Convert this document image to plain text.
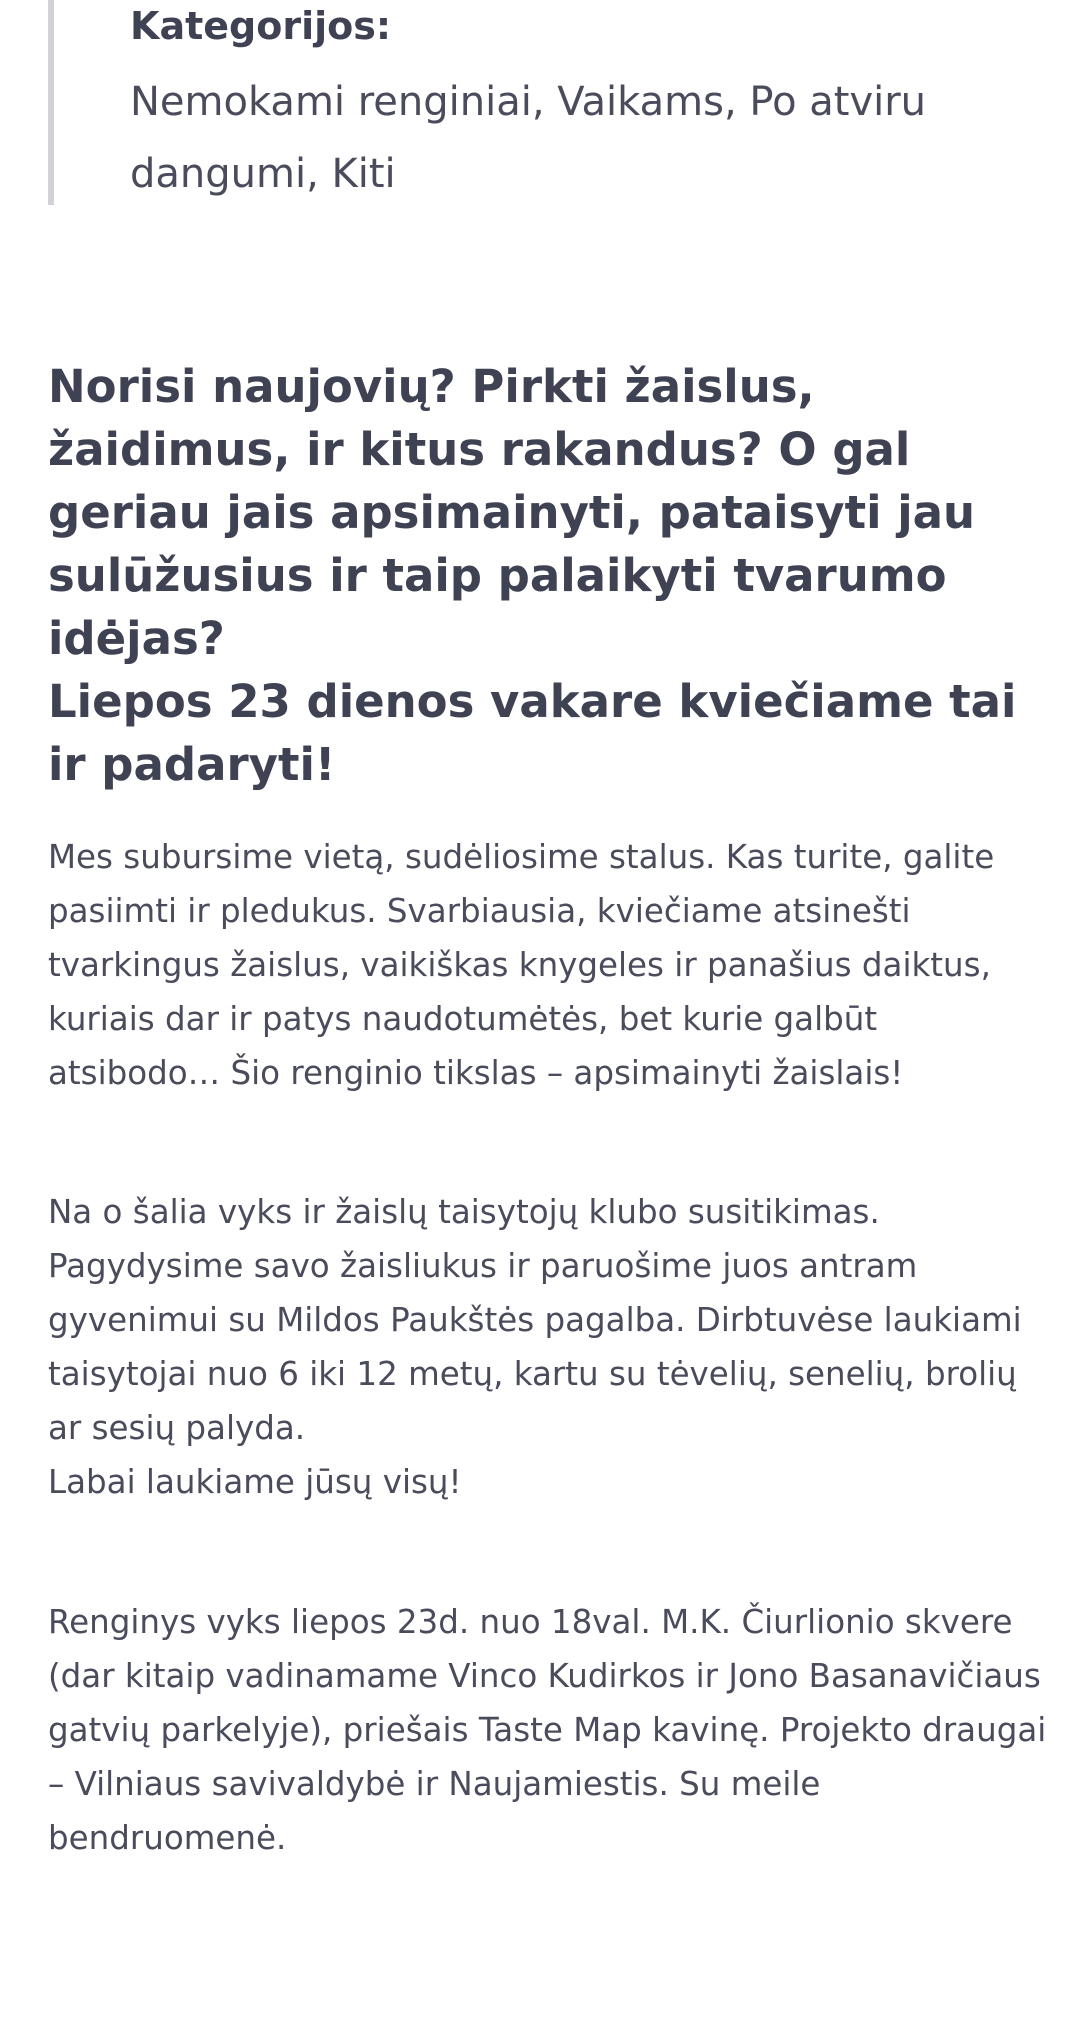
Kategorijos:
Nemokami renginiai, Vaikams, Po atviru dangumi, Kiti
Norisi naujovių? Pirkti žaislus, žaidimus, ir kitus rakandus? O gal geriau jais apsimainyti, pataisyti jau sulūžusius ir taip palaikyti tvarumo idėjas?
Liepos 23 dienos vakare kviečiame tai ir padaryti!

Mes subursime vietą, sudėliosime stalus. Kas turite, galite pasiimti ir pledukus. Svarbiausia, kviečiame atsinešti tvarkingus žaislus, vaikiškas knygeles ir panašius daiktus, kuriais dar ir patys naudotumėtės, bet kurie galbūt atsibodo… Šio renginio tikslas – apsimainyti žaislais!

Na o šalia vyks ir žaislų taisytojų klubo susitikimas. Pagydysime savo žaisliukus ir paruošime juos antram gyvenimui su Mildos Paukštės pagalba. Dirbtuvėse laukiami taisytojai nuo 6 iki 12 metų, kartu su tėvelių, senelių, brolių ar sesių palyda.
Labai laukiame jūsų visų!

Renginys vyks liepos 23d. nuo 18val. M.K. Čiurlionio skvere (dar kitaip vadinamame Vinco Kudirkos ir Jono Basanavičiaus gatvių parkelyje), priešais Taste Map kavinę. Projekto draugai – Vilniaus savivaldybė ir Naujamiestis. Su meile bendruomenė.
